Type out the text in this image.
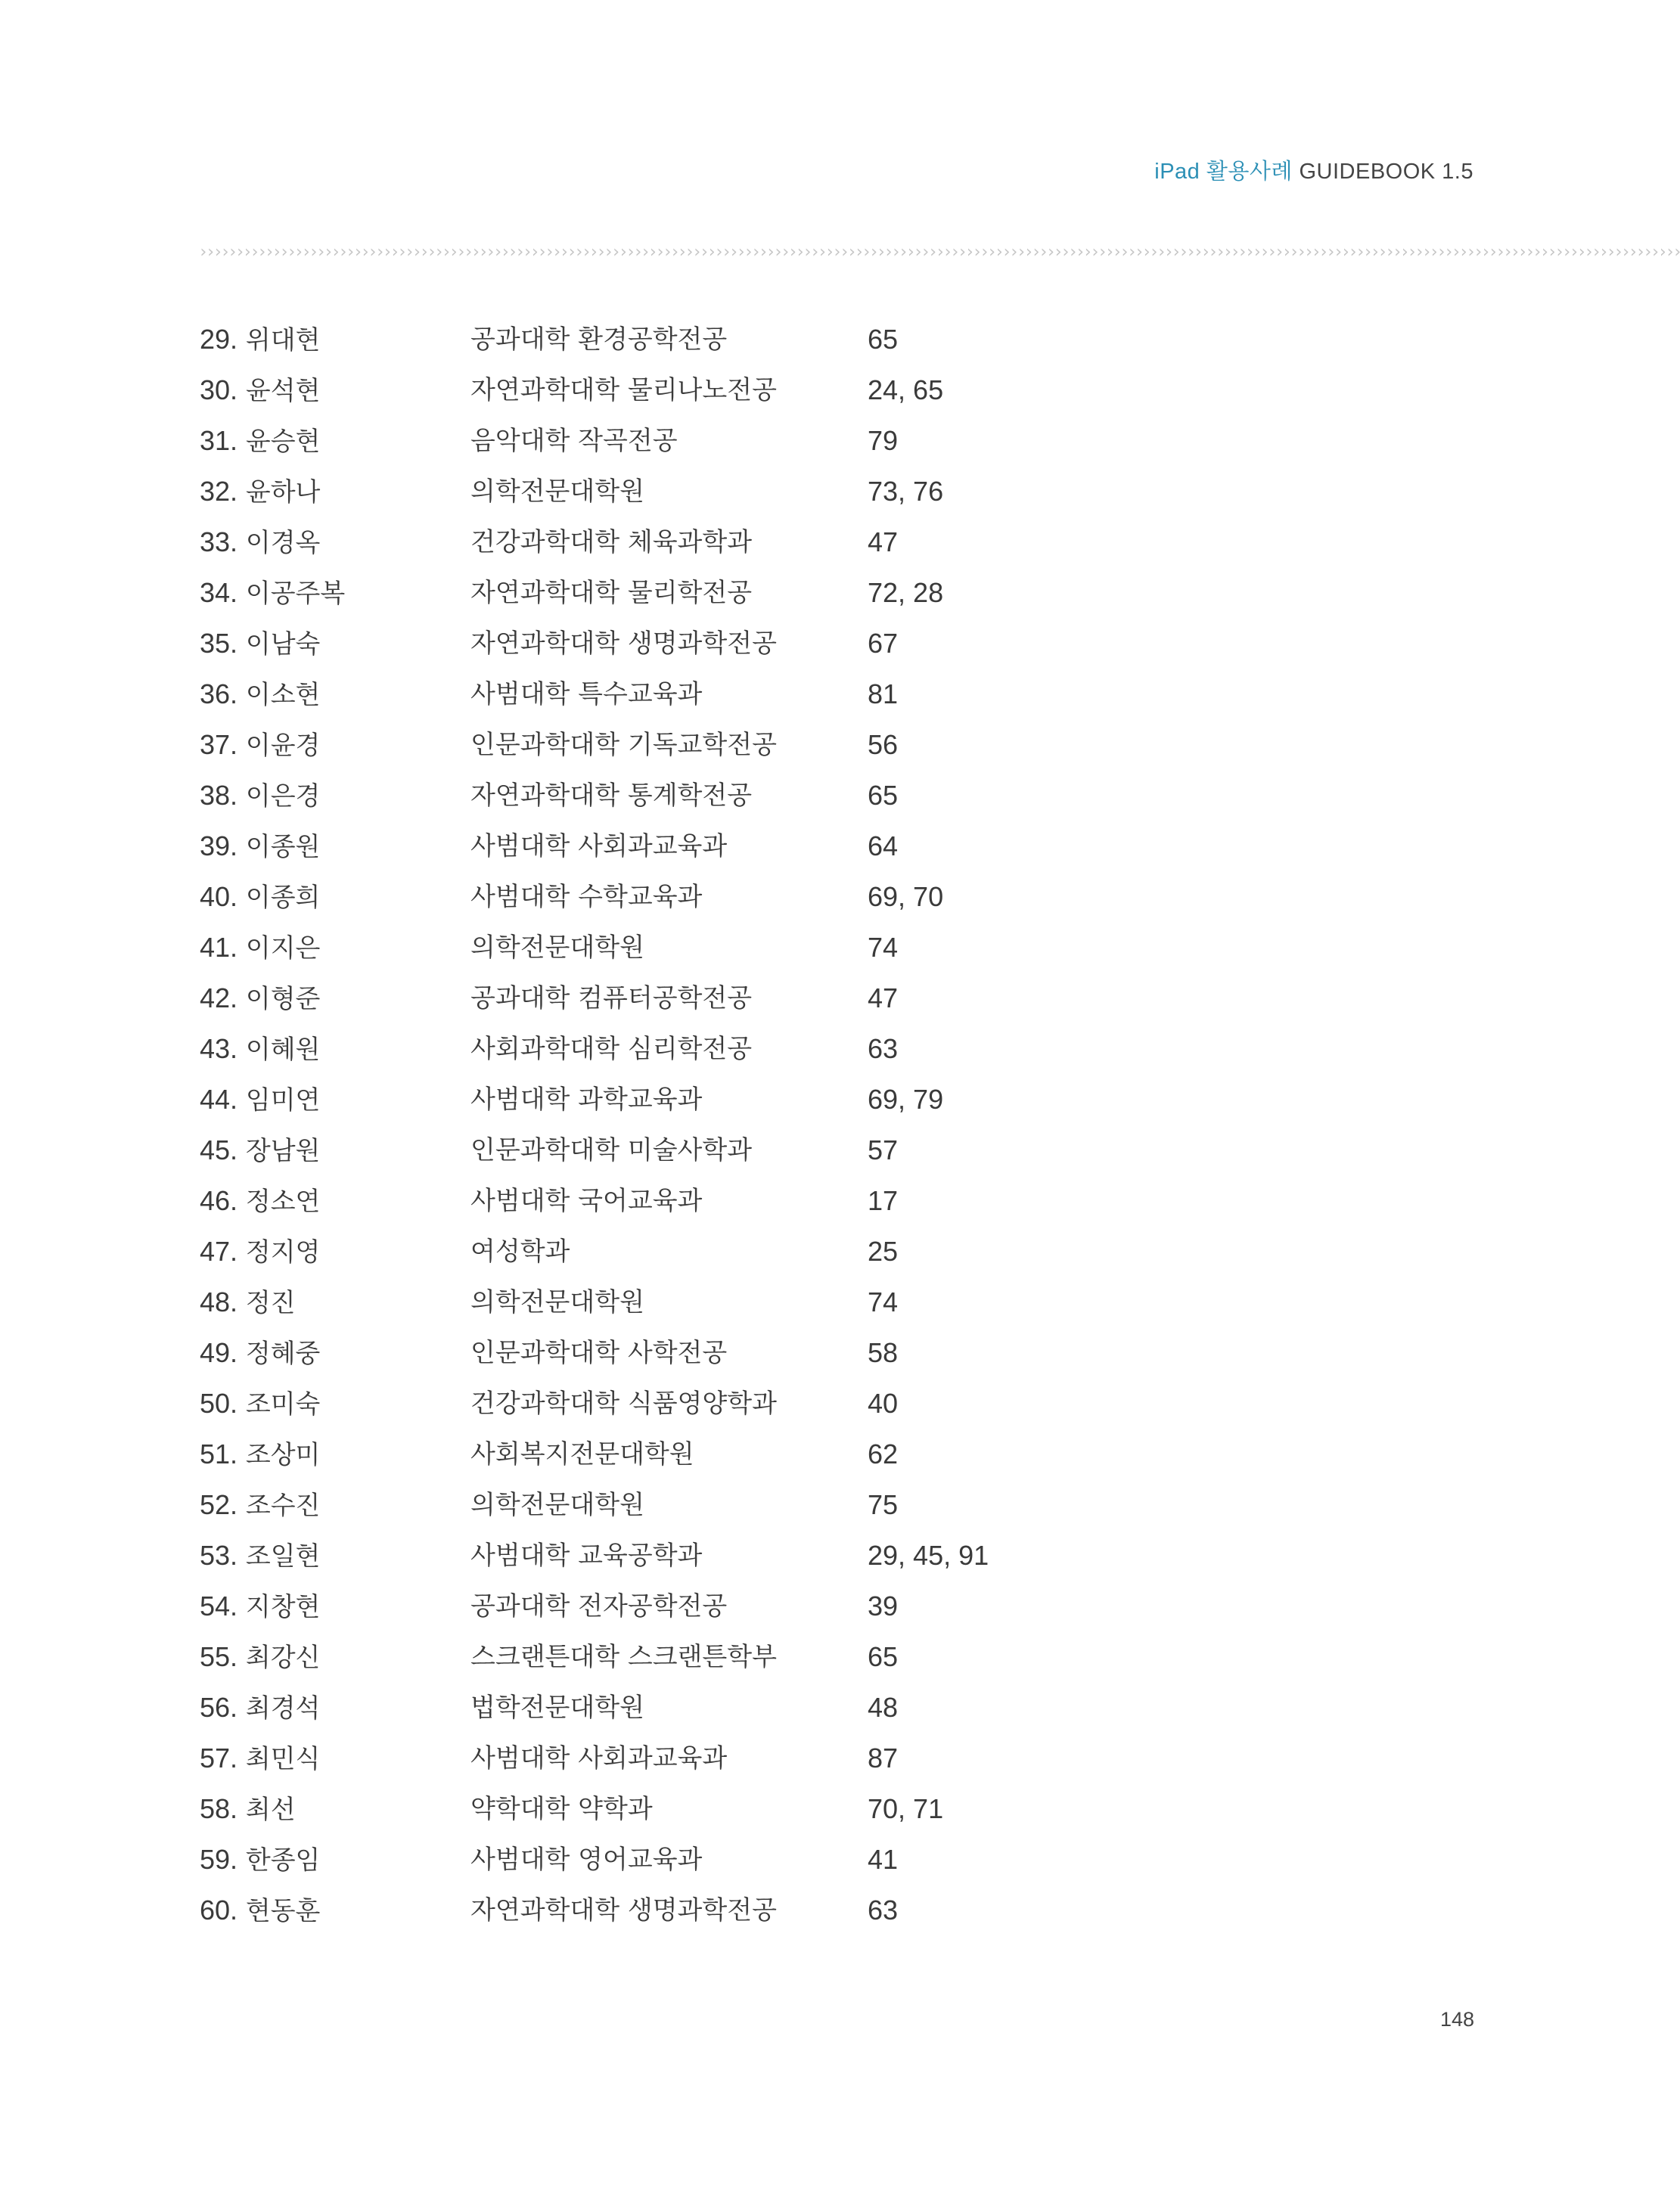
iPad 활용사례 GUIDEBOOK 1.5
›››››››››››››››››››››››››››››››››››››››››››››››››››››››››››››››››››››››››››››››››››››››››››››››››››››››››››››››››››››››››››››››››››››››››››››››››››››››››››››››››››››››››››››››››››››››››››››››››››››››››
29. 위대현	공과대학 환경공학전공	65
30. 윤석현	자연과학대학 물리나노전공	24, 65
31. 윤승현	음악대학 작곡전공	79
32. 윤하나	의학전문대학원	73, 76
33. 이경옥	건강과학대학 체육과학과	47
34. 이공주복	자연과학대학 물리학전공	72, 28
35. 이남숙	자연과학대학 생명과학전공	67
36. 이소현	사범대학 특수교육과	81
37. 이윤경	인문과학대학 기독교학전공	56
38. 이은경	자연과학대학 통계학전공	65
39. 이종원	사범대학 사회과교육과	64
40. 이종희	사범대학 수학교육과	69, 70
41. 이지은	의학전문대학원	74
42. 이형준	공과대학 컴퓨터공학전공	47
43. 이혜원	사회과학대학 심리학전공	63
44. 임미연	사범대학 과학교육과	69, 79
45. 장남원	인문과학대학 미술사학과	57
46. 정소연	사범대학 국어교육과	17
47. 정지영	여성학과	25
48. 정진	의학전문대학원	74
49. 정혜중	인문과학대학 사학전공	58
50. 조미숙	건강과학대학 식품영양학과	40
51. 조상미	사회복지전문대학원	62
52. 조수진	의학전문대학원	75
53. 조일현	사범대학 교육공학과	29, 45, 91
54. 지창현	공과대학 전자공학전공	39
55. 최강신	스크랜튼대학 스크랜튼학부	65
56. 최경석	법학전문대학원	48
57. 최민식	사범대학 사회과교육과	87
58. 최선	약학대학 약학과	70, 71
59. 한종임	사범대학 영어교육과	41
60. 현동훈	자연과학대학 생명과학전공	63
148
